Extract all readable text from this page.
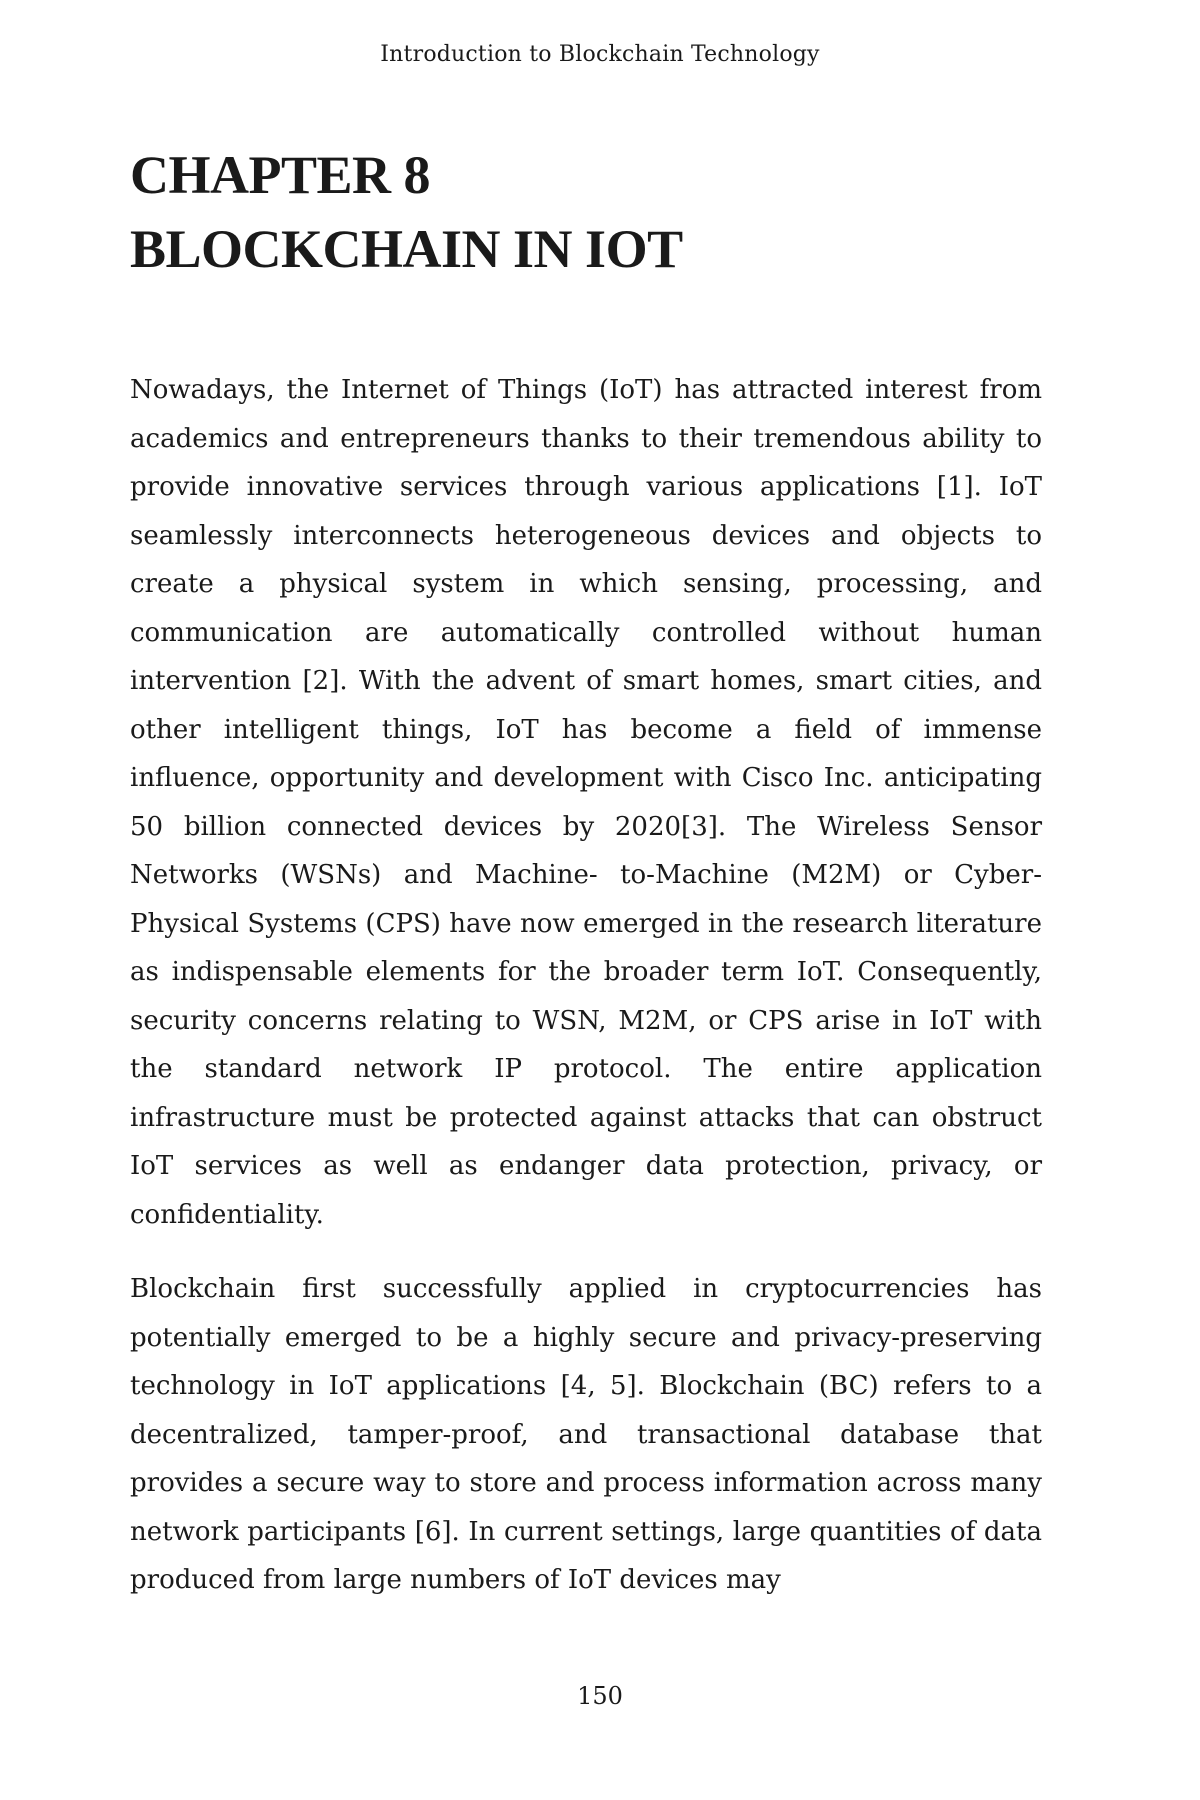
Introduction to Blockchain Technology
CHAPTER 8
BLOCKCHAIN IN IOT

Nowadays, the Internet of Things (IoT) has attracted interest from academics and entrepreneurs thanks to their tremendous ability to provide innovative services through various applications [1]. IoT seamlessly interconnects heterogeneous devices and objects to create a physical system in which sensing, processing, and communication are automatically controlled without human intervention [2]. With the advent of smart homes, smart cities, and other intelligent things, IoT has become a field of immense influence, opportunity and development with Cisco Inc. anticipating 50 billion connected devices by 2020[3]. The Wireless Sensor Networks (WSNs) and Machine- to-Machine (M2M) or Cyber-Physical Systems (CPS) have now emerged in the research literature as indispensable elements for the broader term IoT. Consequently, security concerns relating to WSN, M2M, or CPS arise in IoT with the standard network IP protocol. The entire application infrastructure must be protected against attacks that can obstruct IoT services as well as endanger data protection, privacy, or confidentiality.

Blockchain first successfully applied in cryptocurrencies has potentially emerged to be a highly secure and privacy-preserving technology in IoT applications [4, 5]. Blockchain (BC) refers to a decentralized, tamper-proof, and transactional database that provides a secure way to store and process information across many network participants [6]. In current settings, large quantities of data produced from large numbers of IoT devices may

150
